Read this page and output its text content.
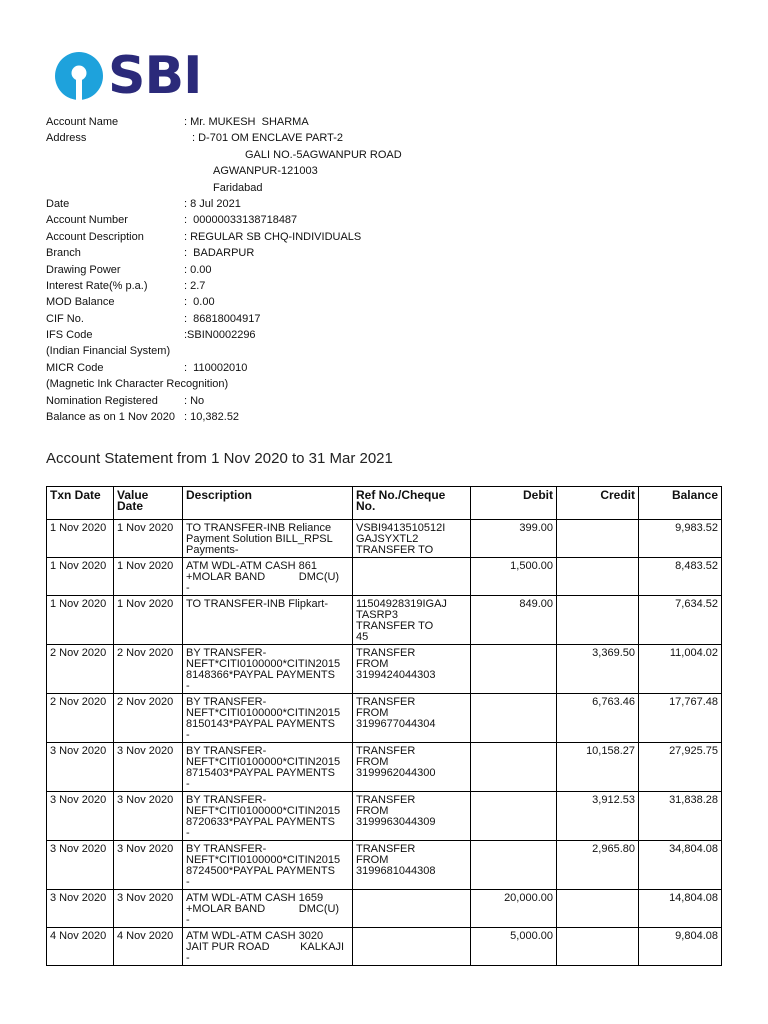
SBI
Account Name	: Mr. MUKESH  SHARMA
Address	: D-701 OM ENCLAVE PART-2
GALI NO.-5AGWANPUR ROAD
AGWANPUR-121003
Faridabad
Date	: 8 Jul 2021
Account Number	:  00000033138718487
Account Description	: REGULAR SB CHQ-INDIVIDUALS
Branch	:  BADARPUR
Drawing Power	: 0.00
Interest Rate(% p.a.)	: 2.7
MOD Balance	:  0.00
CIF No.	:  86818004917
IFS Code	:SBIN0002296
(Indian Financial System)
MICR Code	:  110002010
(Magnetic Ink Character Recognition)
Nomination Registered : No
Balance as on 1 Nov 2020 : 10,382.52
Account Statement from 1 Nov 2020 to 31 Mar 2021
Txn Date	Value
Date	Description	Ref No./Cheque
No.	Debit	Credit	Balance
1 Nov 2020	1 Nov 2020	TO TRANSFER-INB Reliance
Payment Solution BILL_RPSL
Payments-	VSBI9413510512I
GAJSYXTL2
TRANSFER TO	399.00		9,983.52
1 Nov 2020	1 Nov 2020	ATM WDL-ATM CASH 861
+MOLAR BAND           DMC(U)
-		1,500.00		8,483.52
1 Nov 2020	1 Nov 2020	TO TRANSFER-INB Flipkart-	11504928319IGAJ
TASRP3
TRANSFER TO
45	849.00		7,634.52
2 Nov 2020	2 Nov 2020	BY TRANSFER-
NEFT*CITI0100000*CITIN2015
8148366*PAYPAL PAYMENTS
-	TRANSFER
FROM
3199424044303		3,369.50	11,004.02
2 Nov 2020	2 Nov 2020	BY TRANSFER-
NEFT*CITI0100000*CITIN2015
8150143*PAYPAL PAYMENTS
-	TRANSFER
FROM
3199677044304		6,763.46	17,767.48
3 Nov 2020	3 Nov 2020	BY TRANSFER-
NEFT*CITI0100000*CITIN2015
8715403*PAYPAL PAYMENTS
-	TRANSFER
FROM
3199962044300		10,158.27	27,925.75
3 Nov 2020	3 Nov 2020	BY TRANSFER-
NEFT*CITI0100000*CITIN2015
8720633*PAYPAL PAYMENTS
-	TRANSFER
FROM
3199963044309		3,912.53	31,838.28
3 Nov 2020	3 Nov 2020	BY TRANSFER-
NEFT*CITI0100000*CITIN2015
8724500*PAYPAL PAYMENTS
-	TRANSFER
FROM
3199681044308		2,965.80	34,804.08
3 Nov 2020	3 Nov 2020	ATM WDL-ATM CASH 1659
+MOLAR BAND           DMC(U)
-		20,000.00		14,804.08
4 Nov 2020	4 Nov 2020	ATM WDL-ATM CASH 3020
JAIT PUR ROAD          KALKAJI
-		5,000.00		9,804.08
